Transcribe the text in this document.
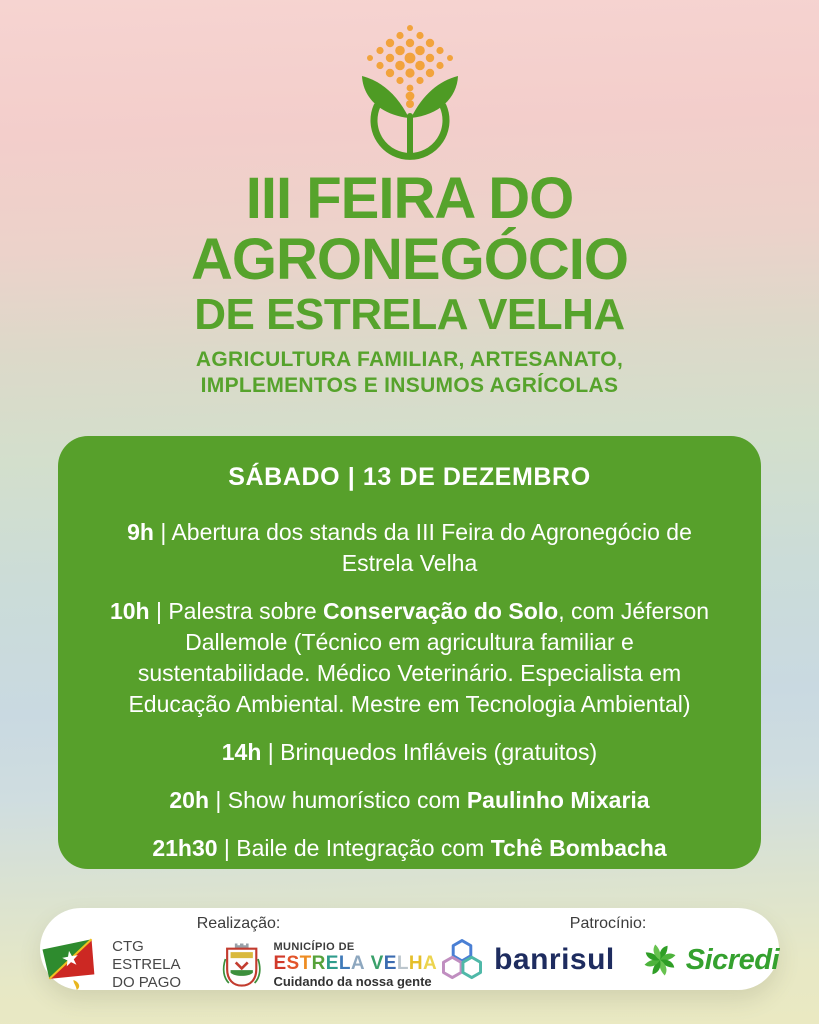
III FEIRA DO
AGRONEGÓCIO
DE ESTRELA VELHA
AGRICULTURA FAMILIAR, ARTESANATO,
IMPLEMENTOS E INSUMOS AGRÍCOLAS
SÁBADO | 13 DE DEZEMBRO
9h | Abertura dos stands da III Feira do Agronegócio de Estrela Velha
10h | Palestra sobre Conservação do Solo, com Jéferson Dallemole (Técnico em agricultura familiar e sustentabilidade. Médico Veterinário. Especialista em Educação Ambiental. Mestre em Tecnologia Ambiental)
14h | Brinquedos Infláveis (gratuitos)
20h | Show humorístico com Paulinho Mixaria
21h30 | Baile de Integração com Tchê Bombacha
Realização:
CTG ESTRELA
DO PAGO
MUNICÍPIO DE
ESTRELA VELHA
Cuidando da nossa gente
Patrocínio:
banrisul Sicredi
